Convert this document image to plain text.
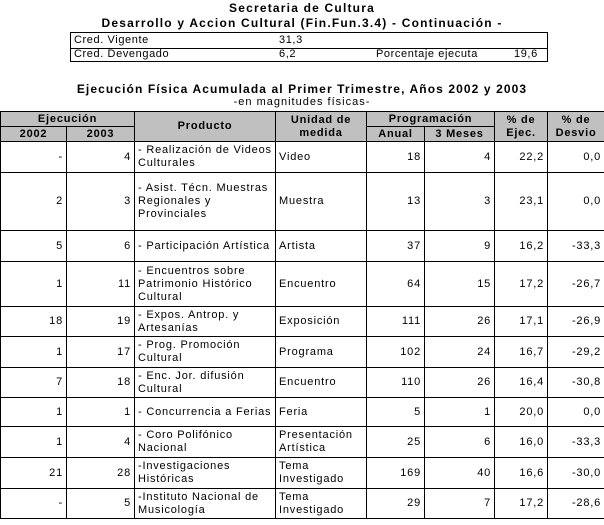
Secretaria de Cultura
Desarrollo y Accion Cultural (Fin.Fun.3.4) - Continuación -
Cred. Vigente	31,3
Cred. Devengado	6,2	Porcentaje ejecuta	19,6
Ejecución Física Acumulada al Primer Trimestre, Años 2002 y 2003
-en magnitudes físicas-
Ejecución		Producto	Unidad de medida	Programación		% de Ejec.	% de Desvio
2002	2003			Anual	3 Meses		
-	4	- Realización de Videos Culturales	Video	18	4	22,2	0,0
2	3	- Asist. Técn. Muestras Regionales y Provinciales	Muestra	13	3	23,1	0,0
5	6	- Participación Artística	Artista	37	9	16,2	-33,3
1	11	- Encuentros sobre Patrimonio Histórico Cultural	Encuentro	64	15	17,2	-26,7
18	19	- Expos. Antrop. y Artesanías	Exposición	111	26	17,1	-26,9
1	17	- Prog. Promoción Cultural	Programa	102	24	16,7	-29,2
7	18	- Enc. Jor. difusión Cultural	Encuentro	110	26	16,4	-30,8
1	1	- Concurrencia a Ferias	Feria	5	1	20,0	0,0
1	4	- Coro Polifónico Nacional	Presentación Artística	25	6	16,0	-33,3
21	28	-Investigaciones Históricas	Tema Investigado	169	40	16,6	-30,0
-	5	-Instituto Nacional de Musicología	Tema Investigado	29	7	17,2	-28,6
